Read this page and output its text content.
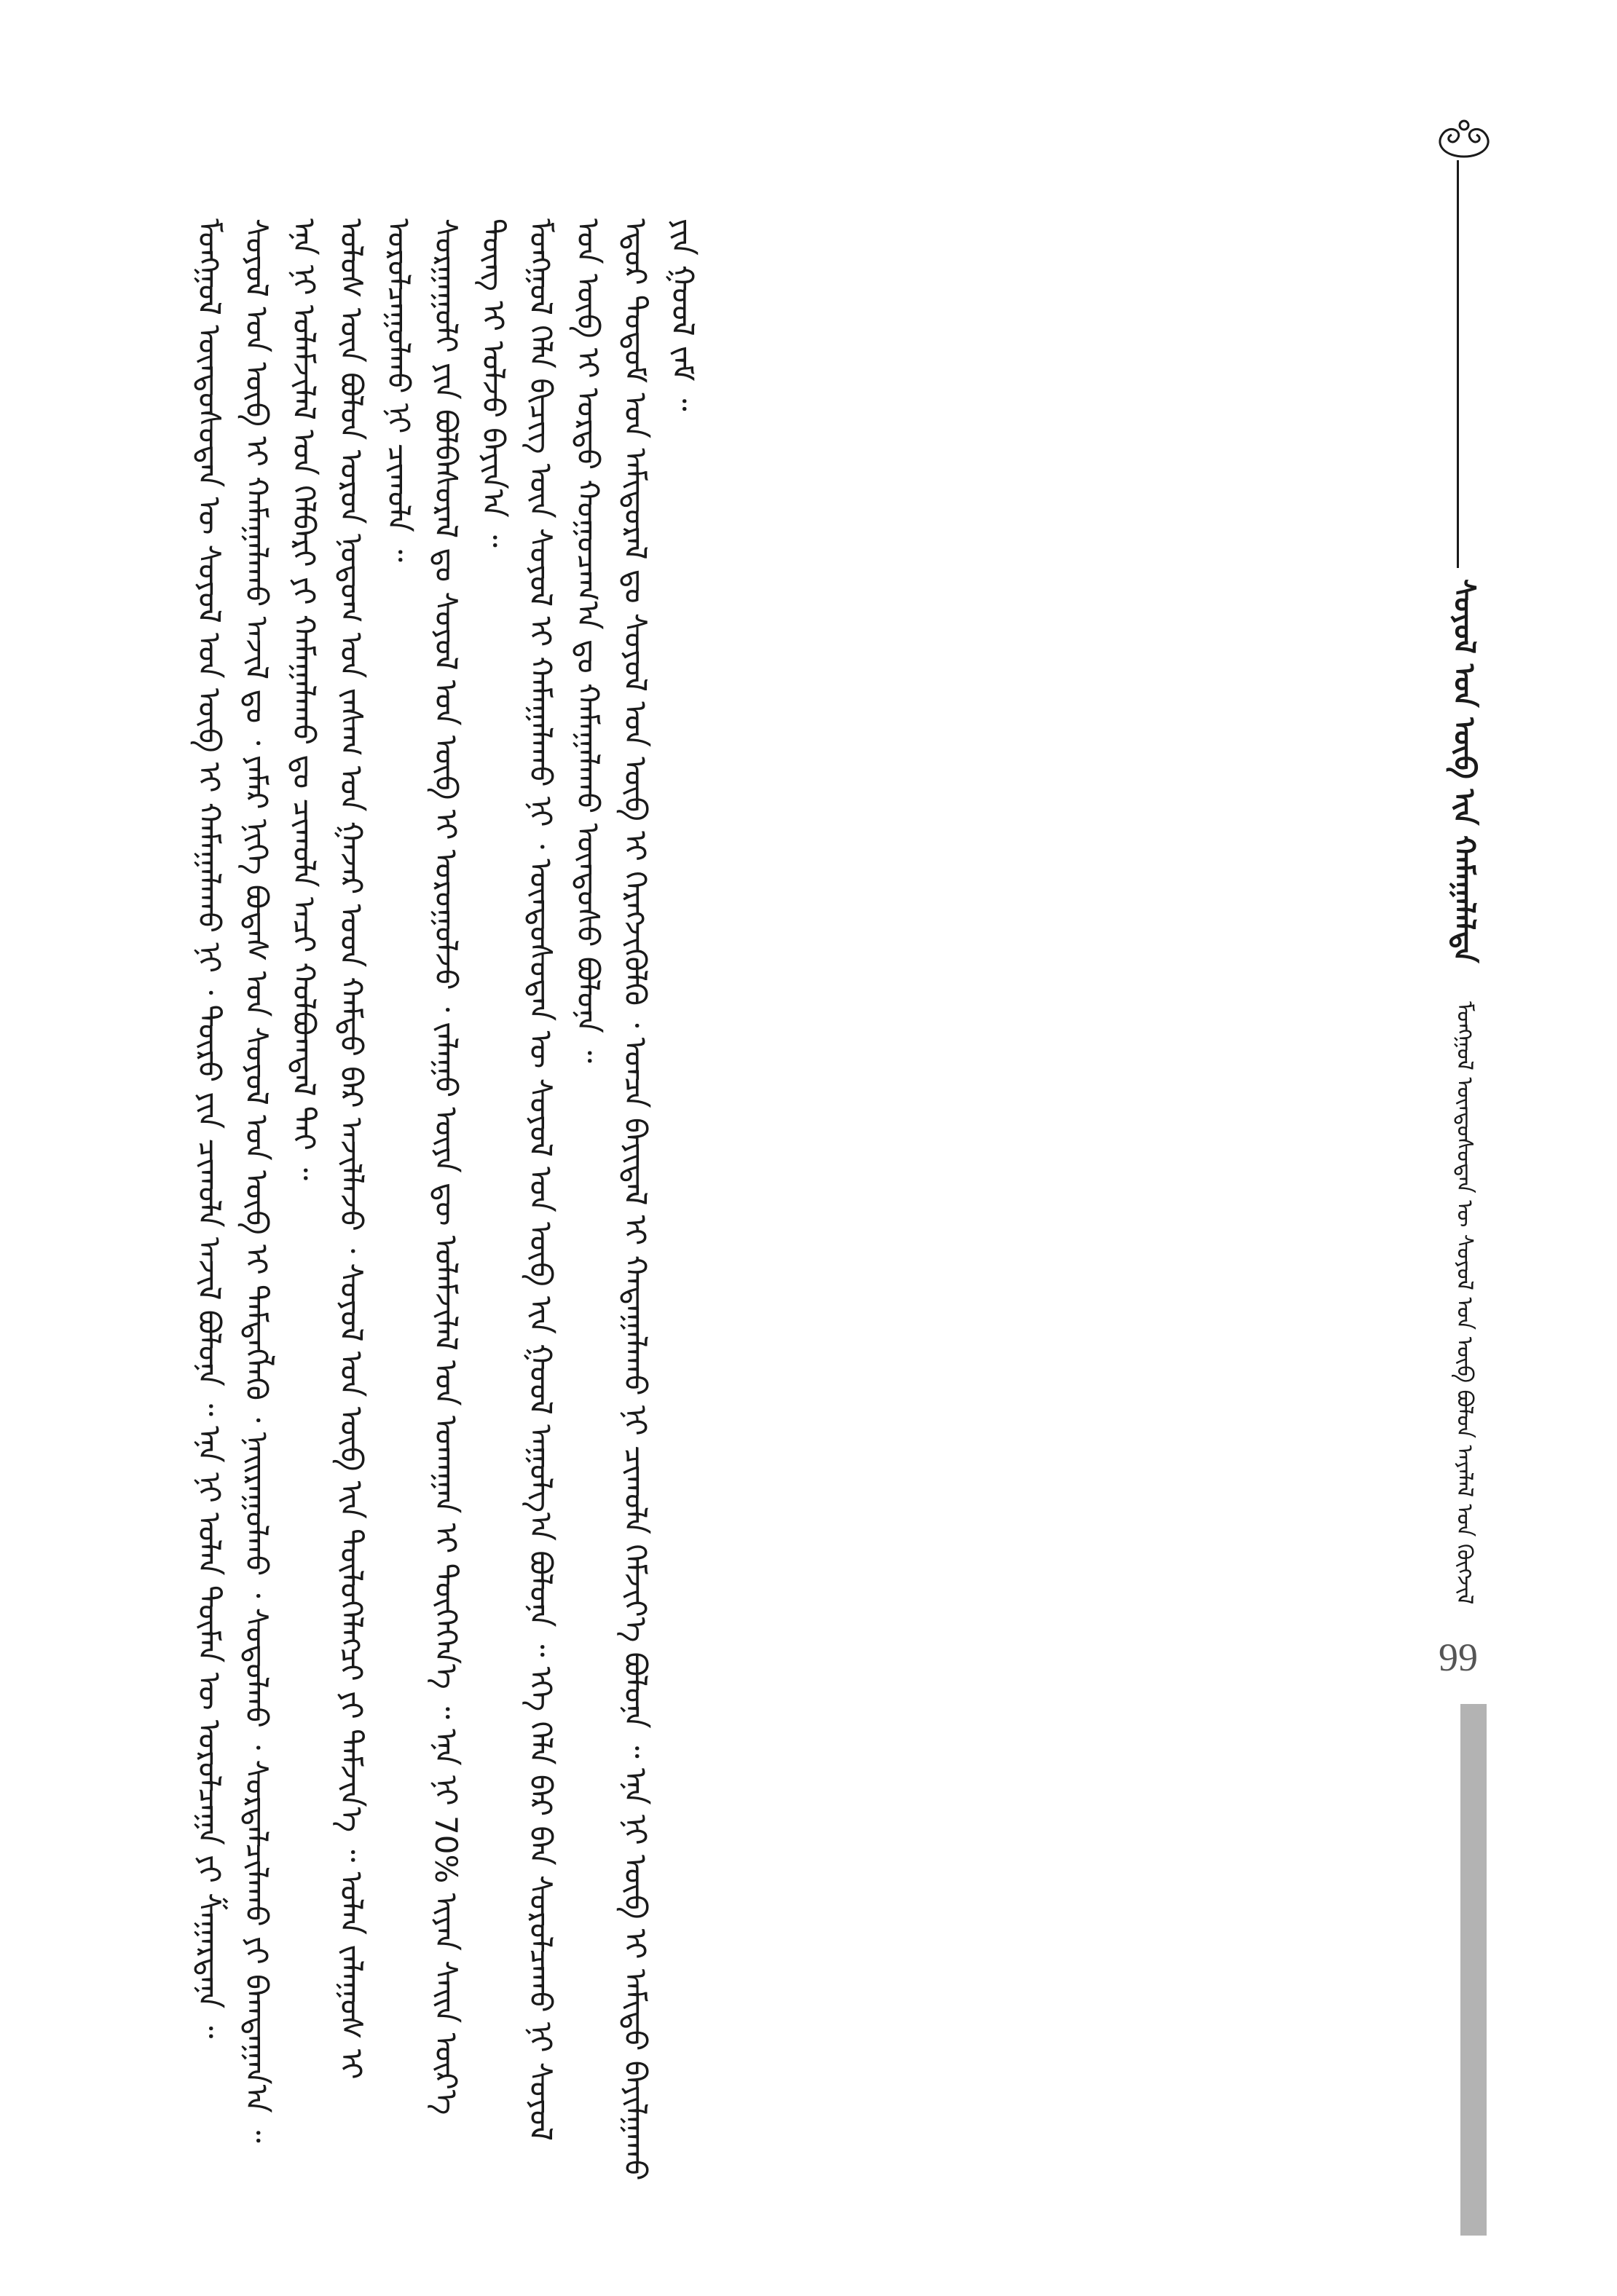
ᠰᠣᠶᠣᠯ ᠤᠨ ᠥᠪ ᠢᠨ ᠬᠠᠮᠠᠭᠠᠯᠠᠯᠲᠠ ᠮᠣᠩᠭᠣᠯ ᠦᠨᠳᠦᠰᠦᠲᠡᠨ ᠦ ᠰᠣᠶᠣᠯ ᠤᠨ ᠥᠪ ᠪᠣᠯᠤᠨ ᠠᠶᠠᠯᠠᠯ ᠤᠨ ᠬᠥᠭᠵᠢᠯ

ᠮᠣᠩᠭᠣᠯ ᠦᠨᠳᠦᠰᠦᠲᠡᠨ ᠦ ᠰᠣᠶᠣᠯ ᠤᠨ ᠥᠪ ᠢ ᠬᠠᠮᠠᠭᠠᠯᠠᠬᠤ ᠨᠢ ᠂ ᠲᠥᠷᠥ ᠶᠢᠨ ᠴᠢᠬᠤᠯᠠ ᠠᠵᠢᠯ ᠪᠣᠯᠣᠨᠠ ᠃ ᠡᠨᠡ ᠨᠢ ᠣᠯᠠᠨ ᠲᠦᠮᠡᠨ ᠦ ᠣᠷᠣᠯᠴᠠᠭᠠ ᠶᠢ ᠱᠠᠭᠠᠷᠳᠠᠨᠠ ᠃ ᠰᠣᠶᠣᠯ ᠤᠨ ᠥᠪ ᠢ ᠬᠠᠮᠠᠭᠠᠯᠠᠬᠤ ᠠᠵᠢᠯ ᠳᠤ ᠂ ᠶᠠᠮᠠᠷ ᠨᠢᠭᠡ ᠪᠣᠳᠠᠰ ᠤᠨ ᠰᠣᠶᠣᠯ ᠤᠨ ᠥᠪ ᠢ ᠲᠡᠮᠳᠡᠭᠯᠡᠬᠦ ᠂ ᠨᠠᠢᠷᠠᠭᠤᠯᠬᠤ ᠂ ᠰᠣᠳᠤᠯᠬᠤ ᠂ ᠰᠤᠷᠲᠠᠯᠴᠢᠯᠠᠬᠤ ᠶᠢ ᠪᠠᠭᠲᠠᠭᠠᠨ᠎ᠠ ᠃ ᠡᠨᠡ ᠨᠢ ᠤᠯᠠᠮᠵᠢᠯᠠᠯ ᠤᠨ ᠬᠡᠯᠪᠡᠷᠢ ᠶᠢ ᠬᠠᠮᠠᠭᠠᠯᠠᠬᠤ ᠳᠤ ᠴᠢᠬᠤᠯᠠ ᠠᠴᠢ ᠬᠣᠯᠪᠣᠭᠳᠠᠯ ᠲᠠᠢ ᠃ ᠤᠯᠤᠰ ᠦᠨ ᠪᠣᠯᠤᠨ ᠣᠷᠣᠨ ᠨᠤᠲᠤᠭ ᠤᠨ ᠵᠠᠰᠠᠭ ᠤᠨ ᠭᠠᠵᠠᠷ ᠤᠳ ᠬᠠᠮᠲᠤ ᠪᠠᠷ ᠠᠵᠢᠯᠯᠠᠵᠤ ᠂ ᠰᠣᠶᠣᠯ ᠤᠨ ᠥᠪ ᠢᠨ ᠲᠥᠯᠥᠭᠡᠯᠡᠭᠴᠢ ᠶᠢ ᠳᠡᠮᠵᠢᠨ᠎ᠡ ᠃ ᠣᠯᠠᠨ ᠵᠠᠯᠠᠭᠤᠰ ᠢ ᠤᠷᠤᠯᠴᠠᠭᠤᠯᠬᠤ ᠨᠢ ᠴᠢᠬᠤᠯᠠ ᠃ ᠰᠤᠷᠭᠠᠭᠤᠯᠢ ᠶᠢᠨ ᠪᠣᠯᠪᠠᠰᠤᠷᠠᠯ ᠳᠤ ᠰᠣᠶᠣᠯ ᠤᠨ ᠥᠪ ᠢ ᠣᠷᠣᠭᠤᠯᠵᠤ ᠂ ᠵᠠᠯᠠᠭᠤ ᠦᠶᠡ ᠳᠦ ᠤᠯᠠᠮᠵᠢᠯᠠᠯ ᠤᠨ ᠤᠬᠠᠭᠠᠨ ᠢ ᠲᠦᠭᠡᠬᠡᠨ᠎ᠡ ᠃ ᠡᠨᠡ ᠨᠢ 70% ᠢᠶᠠᠨ ᠰᠠᠢᠨ ᠦᠷ᠎ᠡ ᠳᠦᠩ ᠢ ᠣᠯᠵᠤ ᠪᠠᠶᠢᠨ᠎ᠠ ᠃ ᠮᠣᠩᠭᠣᠯ ᠬᠡᠯᠡ ᠪᠢᠴᠢᠭ ᠦᠨ ᠰᠣᠶᠣᠯ ᠢ ᠬᠠᠮᠠᠭᠠᠯᠠᠬᠤ ᠨᠢ ᠂ ᠦᠨᠳᠦᠰᠦᠲᠡᠨ ᠦ ᠰᠣᠶᠣᠯ ᠤᠨ ᠥᠪ ᠢᠨ ᠭᠣᠣᠯ ᠠᠭᠤᠯᠭ᠎ᠠ ᠪᠣᠯᠣᠨᠠ ᠃ ᠡᠬᠡ ᠬᠡᠯᠡ ᠪᠡᠷ ᠪᠡᠨ ᠰᠤᠷᠤᠯᠴᠠᠬᠤ ᠨᠢ ᠰᠣᠶᠣᠯ ᠤᠨ ᠥᠪ ᠢ ᠤᠷᠲᠤ ᠬᠤᠭᠤᠴᠠᠭ᠎ᠠ ᠳᠤ ᠬᠠᠮᠠᠭᠠᠯᠠᠬᠤ ᠦᠨᠳᠦᠰᠦ ᠪᠣᠯᠣᠨᠠ ᠃ ᠡᠳᠦᠷ ᠲᠤᠲᠤᠮ ᠤᠨ ᠠᠮᠢᠳᠤᠷᠠᠯ ᠳᠤ ᠰᠣᠶᠣᠯ ᠤᠨ ᠥᠪ ᠢ ᠬᠡᠷᠡᠭᠵᠢᠭᠦᠯᠬᠦ ᠂ ᠣᠨᠴᠠ ᠪᠠᠶᠢᠳᠠᠯ ᠢ ᠬᠠᠳᠠᠭᠠᠯᠠᠬᠤ ᠨᠢ ᠴᠢᠬᠤᠯᠠ ᠬᠡᠮᠵᠢᠶ᠎ᠡ ᠪᠣᠯᠣᠨᠠ ᠃ ᠡᠨᠡ ᠨᠢ ᠥᠪ ᠢ ᠠᠮᠢᠳᠤ ᠪᠠᠶᠢᠯᠭᠠᠬᠤ ᠶᠢᠨ ᠭᠣᠣᠯ ᠵᠠᠮ ᠃

99
